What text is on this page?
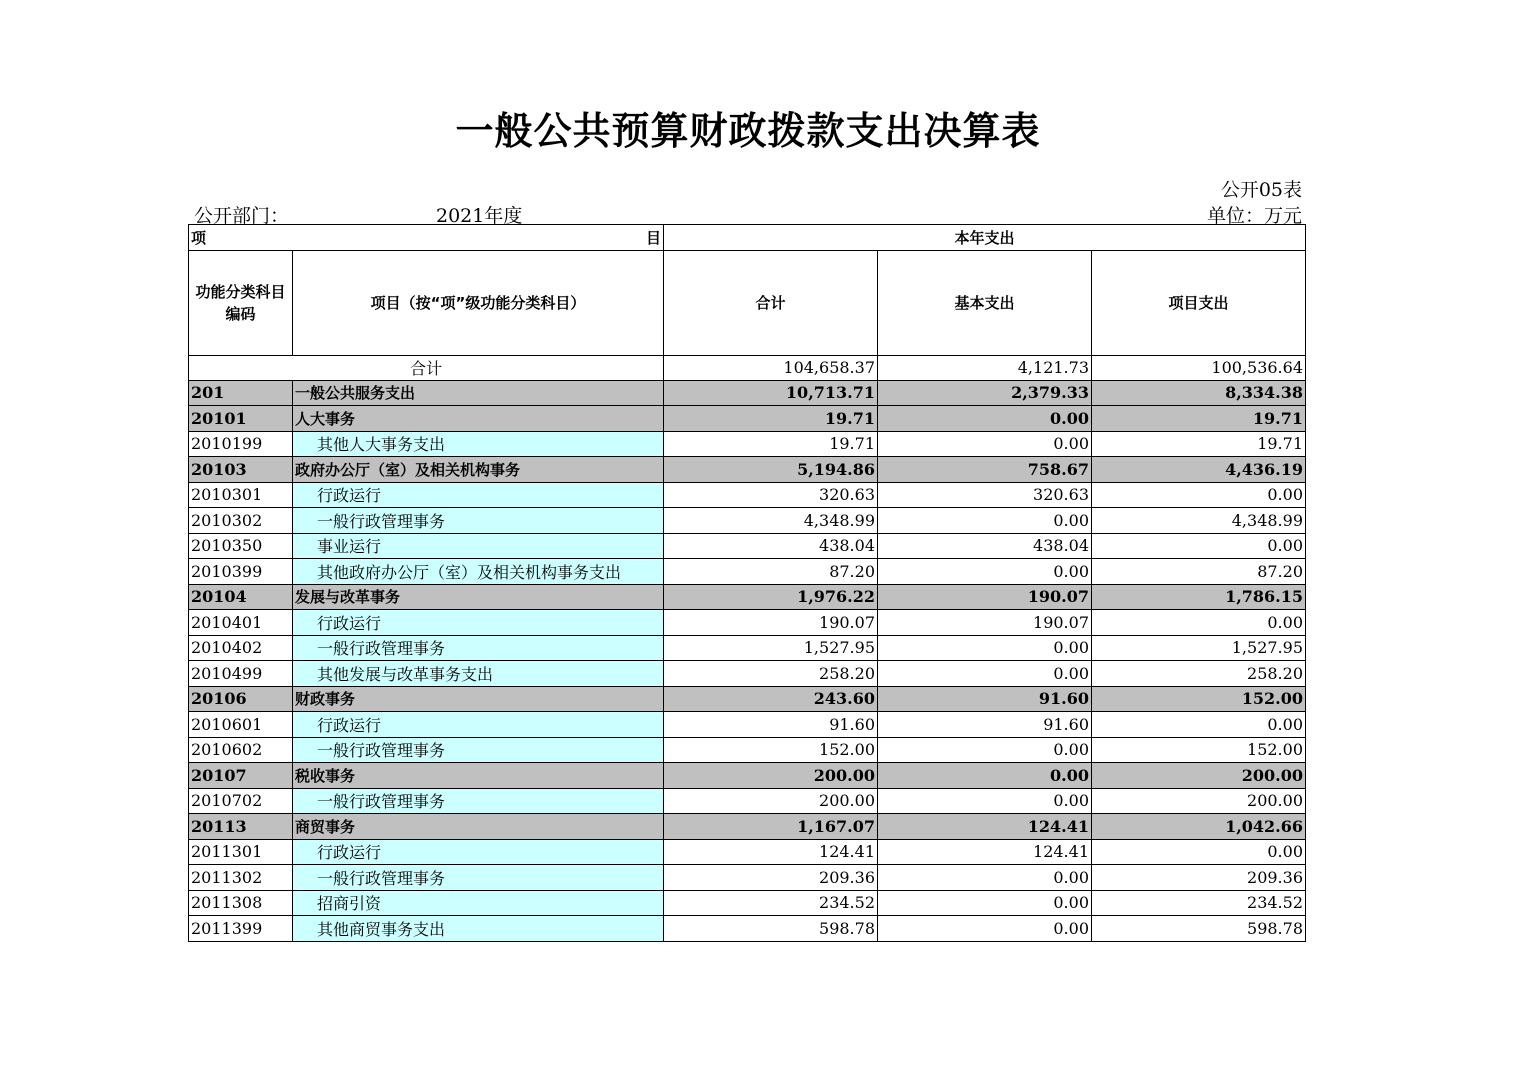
一般公共预算财政拨款支出决算表
公开05表
公开部门：	2021年度	单位：万元
项 目		本年支出		
功能分类科目编码	项目（按“项”级功能分类科目）	合计	基本支出	项目支出
合计		104,658.37	4,121.73	100,536.64
201	一般公共服务支出	10,713.71	2,379.33	8,334.38
20101	人大事务	19.71	0.00	19.71
2010199	其他人大事务支出	19.71	0.00	19.71
20103	政府办公厅（室）及相关机构事务	5,194.86	758.67	4,436.19
2010301	行政运行	320.63	320.63	0.00
2010302	一般行政管理事务	4,348.99	0.00	4,348.99
2010350	事业运行	438.04	438.04	0.00
2010399	其他政府办公厅（室）及相关机构事务支出	87.20	0.00	87.20
20104	发展与改革事务	1,976.22	190.07	1,786.15
2010401	行政运行	190.07	190.07	0.00
2010402	一般行政管理事务	1,527.95	0.00	1,527.95
2010499	其他发展与改革事务支出	258.20	0.00	258.20
20106	财政事务	243.60	91.60	152.00
2010601	行政运行	91.60	91.60	0.00
2010602	一般行政管理事务	152.00	0.00	152.00
20107	税收事务	200.00	0.00	200.00
2010702	一般行政管理事务	200.00	0.00	200.00
20113	商贸事务	1,167.07	124.41	1,042.66
2011301	行政运行	124.41	124.41	0.00
2011302	一般行政管理事务	209.36	0.00	209.36
2011308	招商引资	234.52	0.00	234.52
2011399	其他商贸事务支出	598.78	0.00	598.78
